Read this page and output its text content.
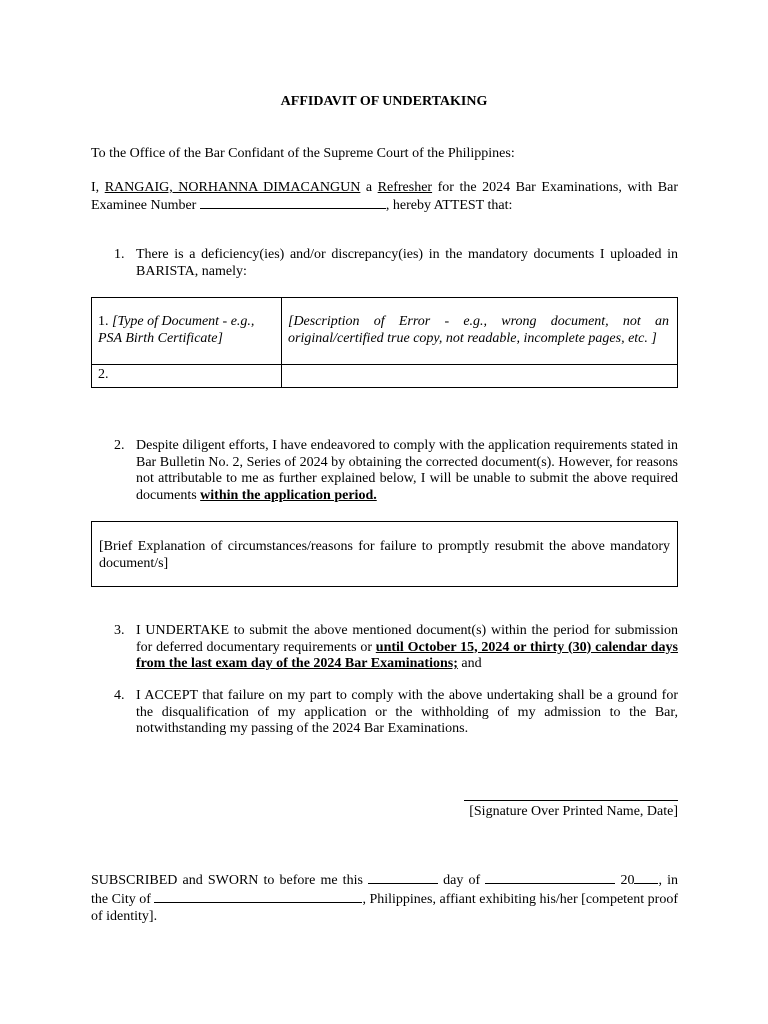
AFFIDAVIT OF UNDERTAKING
To the Office of the Bar Confidant of the Supreme Court of the Philippines:
I, RANGAIG, NORHANNA DIMACANGUN a Refresher for the 2024 Bar Examinations, with Bar Examinee Number	, hereby ATTEST that:
1. There is a deficiency(ies) and/or discrepancy(ies) in the mandatory documents I uploaded in BARISTA, namely:
1. [Type of Document - e.g., PSA Birth Certificate]	[Description of Error - e.g., wrong document, not an original/certified true copy, not readable, incomplete pages, etc. ]
2.	
2. Despite diligent efforts, I have endeavored to comply with the application requirements stated in Bar Bulletin No. 2, Series of 2024 by obtaining the corrected document(s). However, for reasons not attributable to me as further explained below, I will be unable to submit the above required documents within the application period.
[Brief Explanation of circumstances/reasons for failure to promptly resubmit the above mandatory document/s]
3. I UNDERTAKE to submit the above mentioned document(s) within the period for submission for deferred documentary requirements or until October 15, 2024 or thirty (30) calendar days from the last exam day of the 2024 Bar Examinations; and
4. I ACCEPT that failure on my part to comply with the above undertaking shall be a ground for the disqualification of my application or the withholding of my admission to the Bar, notwithstanding my passing of the 2024 Bar Examinations.
[Signature Over Printed Name, Date]
SUBSCRIBED and SWORN to before me this	day of	20 , in the City of	, Philippines, affiant exhibiting his/her [competent proof of identity].
